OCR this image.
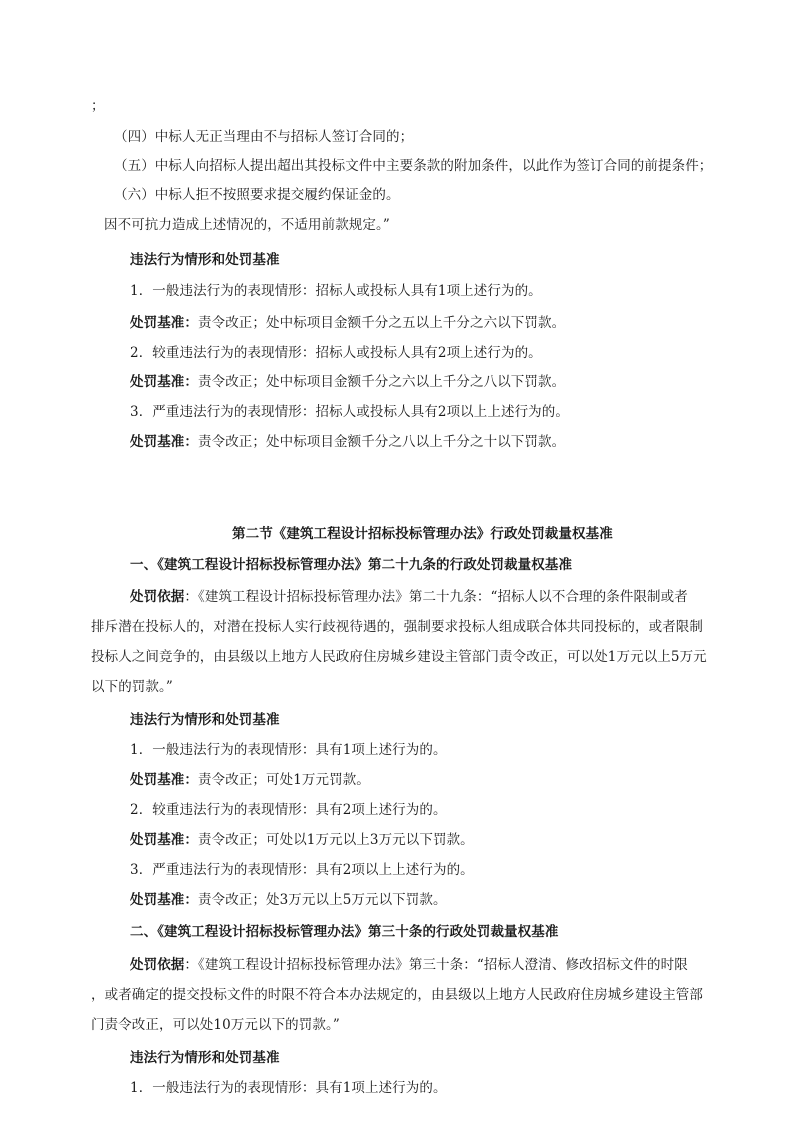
；
（四）中标人无正当理由不与招标人签订合同的；
（五）中标人向招标人提出超出其投标文件中主要条款的附加条件，以此作为签订合同的前提条件；
（六）中标人拒不按照要求提交履约保证金的。
因不可抗力造成上述情况的，不适用前款规定。”
违法行为情形和处罚基准
1．一般违法行为的表现情形：招标人或投标人具有1项上述行为的。
处罚基准：责令改正；处中标项目金额千分之五以上千分之六以下罚款。
2．较重违法行为的表现情形：招标人或投标人具有2项上述行为的。
处罚基准：责令改正；处中标项目金额千分之六以上千分之八以下罚款。
3．严重违法行为的表现情形：招标人或投标人具有2项以上上述行为的。
处罚基准：责令改正；处中标项目金额千分之八以上千分之十以下罚款。
第二节《建筑工程设计招标投标管理办法》行政处罚裁量权基准
一、《建筑工程设计招标投标管理办法》第二十九条的行政处罚裁量权基准
处罚依据：《建筑工程设计招标投标管理办法》第二十九条：“招标人以不合理的条件限制或者
排斥潜在投标人的，对潜在投标人实行歧视待遇的，强制要求投标人组成联合体共同投标的，或者限制
投标人之间竞争的，由县级以上地方人民政府住房城乡建设主管部门责令改正，可以处1万元以上5万元
以下的罚款。”
违法行为情形和处罚基准
1．一般违法行为的表现情形：具有1项上述行为的。
处罚基准：责令改正；可处1万元罚款。
2．较重违法行为的表现情形：具有2项上述行为的。
处罚基准：责令改正；可处以1万元以上3万元以下罚款。
3．严重违法行为的表现情形：具有2项以上上述行为的。
处罚基准：责令改正；处3万元以上5万元以下罚款。
二、《建筑工程设计招标投标管理办法》第三十条的行政处罚裁量权基准
处罚依据：《建筑工程设计招标投标管理办法》第三十条：“招标人澄清、修改招标文件的时限
，或者确定的提交投标文件的时限不符合本办法规定的，由县级以上地方人民政府住房城乡建设主管部
门责令改正，可以处10万元以下的罚款。”
违法行为情形和处罚基准
1．一般违法行为的表现情形：具有1项上述行为的。
